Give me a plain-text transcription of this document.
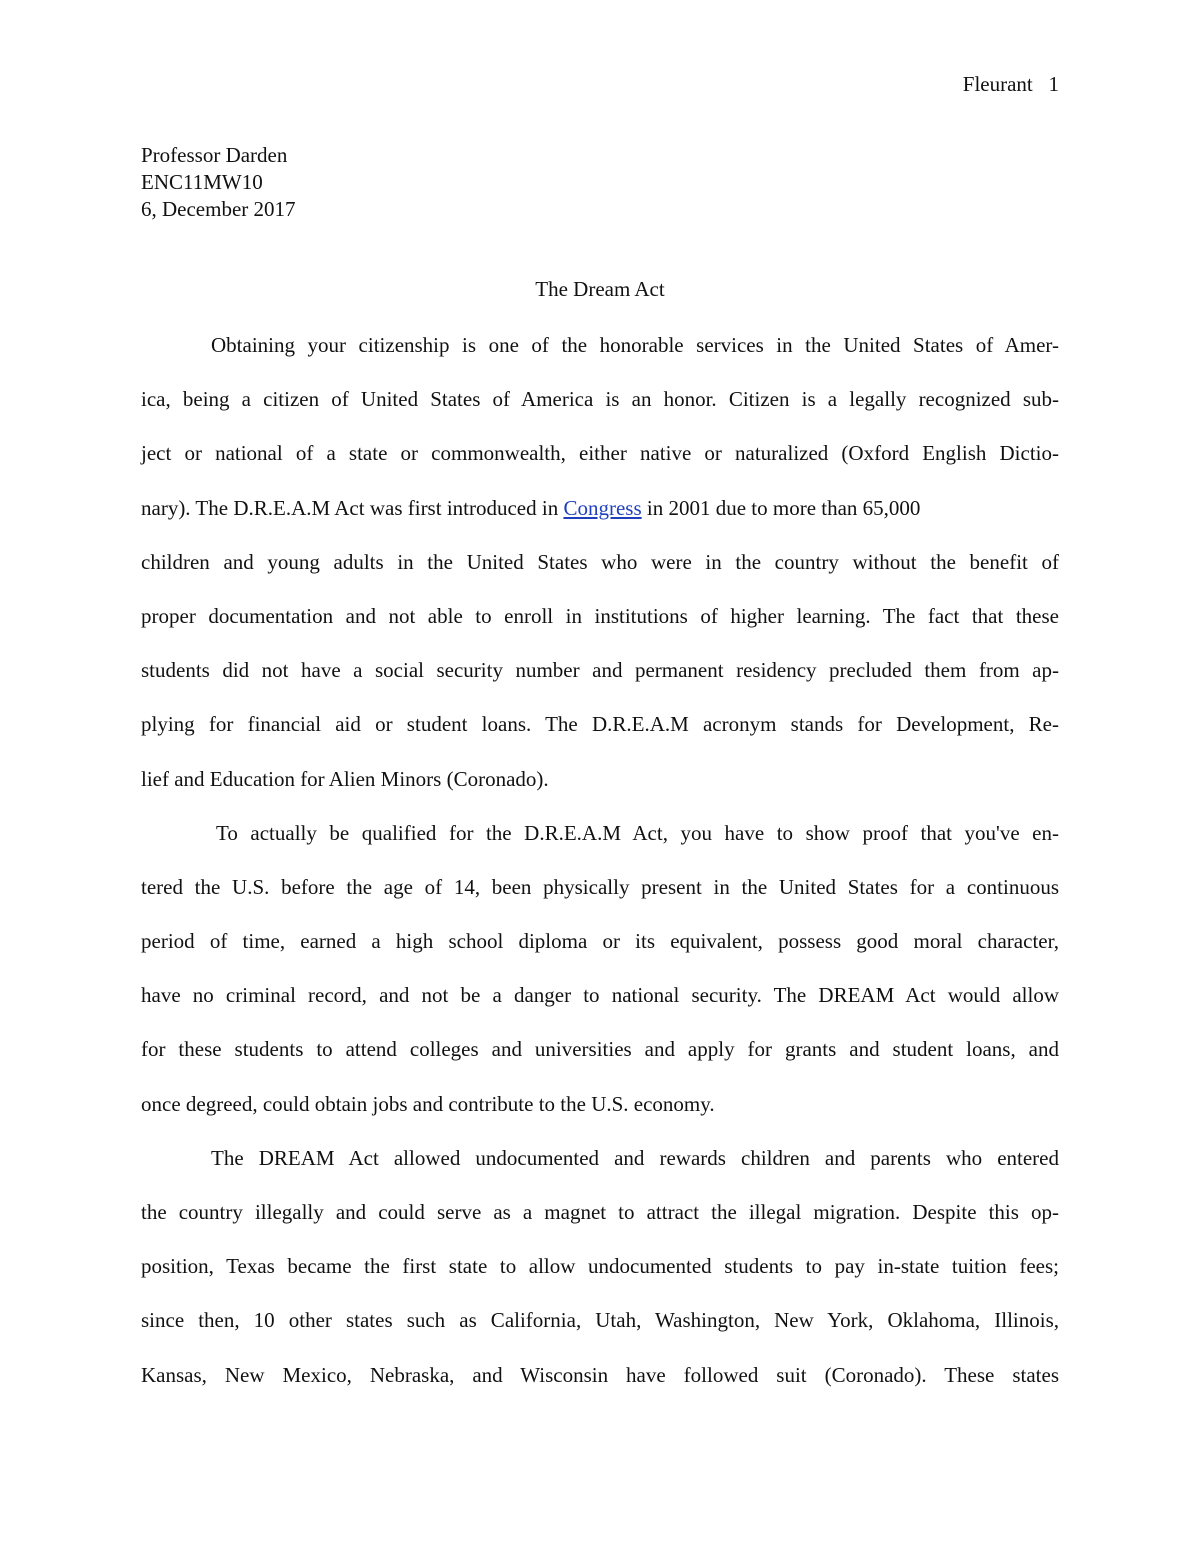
Fleurant 1
Professor Darden
ENC11MW10
6, December 2017
The Dream Act
Obtaining your citizenship is one of the honorable services in the United States of Amer-
ica, being a citizen of United States of America is an honor. Citizen is a legally recognized sub-
ject or national of a state or commonwealth, either native or naturalized (Oxford English Dictio-
nary). The D.R.E.A.M Act was first introduced in Congress in 2001 due to more than 65,000
children and young adults in the United States who were in the country without the benefit of
proper documentation and not able to enroll in institutions of higher learning. The fact that these
students did not have a social security number and permanent residency precluded them from ap-
plying for financial aid or student loans. The D.R.E.A.M acronym stands for Development, Re-
lief and Education for Alien Minors (Coronado).
To actually be qualified for the D.R.E.A.M Act, you have to show proof that you've en-
tered the U.S. before the age of 14, been physically present in the United States for a continuous
period of time, earned a high school diploma or its equivalent, possess good moral character,
have no criminal record, and not be a danger to national security. The DREAM Act would allow
for these students to attend colleges and universities and apply for grants and student loans, and
once degreed, could obtain jobs and contribute to the U.S. economy.
The DREAM Act allowed undocumented and rewards children and parents who entered
the country illegally and could serve as a magnet to attract the illegal migration. Despite this op-
position, Texas became the first state to allow undocumented students to pay in-state tuition fees;
since then, 10 other states such as California, Utah, Washington, New York, Oklahoma, Illinois,
Kansas, New Mexico, Nebraska, and Wisconsin have followed suit (Coronado). These states
